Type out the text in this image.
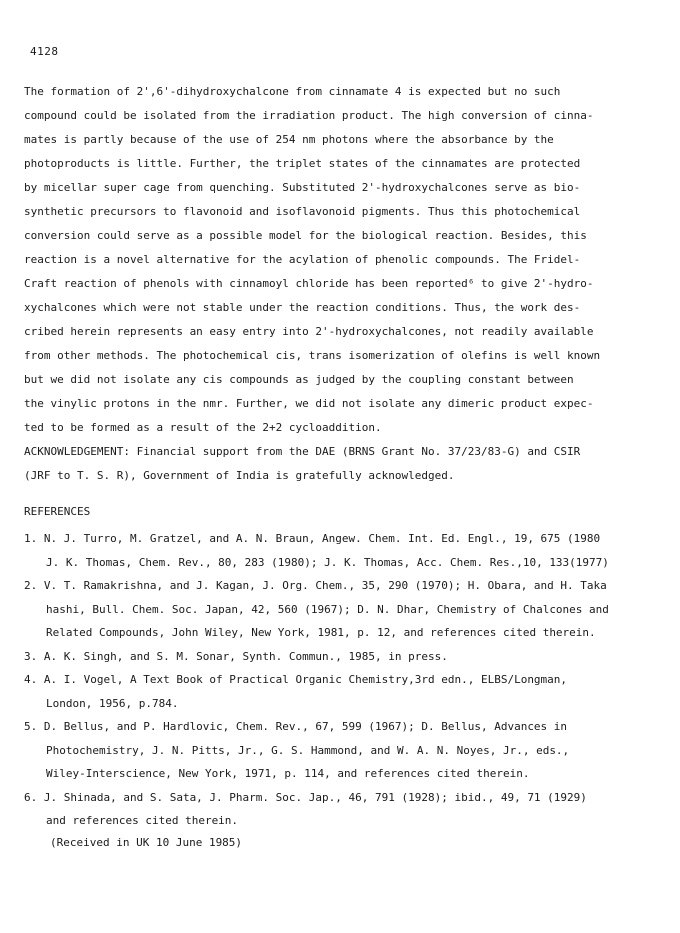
4128
The formation of 2',6'-dihydroxychalcone from cinnamate 4 is expected but no such
compound could be isolated from the irradiation product. The high conversion of cinna-
mates is partly because of the use of 254 nm photons where the absorbance by the
photoproducts is little. Further, the triplet states of the cinnamates are protected
by micellar super cage from quenching. Substituted 2'-hydroxychalcones serve as bio-
synthetic precursors to flavonoid and isoflavonoid pigments. Thus this photochemical
conversion could serve as a possible model for the biological reaction. Besides, this
reaction is a novel alternative for the acylation of phenolic compounds. The Fridel-
Craft reaction of phenols with cinnamoyl chloride has been reported⁶ to give 2'-hydro-
xychalcones which were not stable under the reaction conditions. Thus, the work des-
cribed herein represents an easy entry into 2'-hydroxychalcones, not readily available
from other methods. The photochemical cis, trans isomerization of olefins is well known
but we did not isolate any cis compounds as judged by the coupling constant between
the vinylic protons in the nmr. Further, we did not isolate any dimeric product expec-
ted to be formed as a result of the 2+2 cycloaddition.
ACKNOWLEDGEMENT: Financial support from the DAE (BRNS Grant No. 37/23/83-G) and CSIR
(JRF to T. S. R), Government of India is gratefully acknowledged.
REFERENCES
1. N. J. Turro, M. Gratzel, and A. N. Braun, Angew. Chem. Int. Ed. Engl., 19, 675 (1980
J. K. Thomas, Chem. Rev., 80, 283 (1980); J. K. Thomas, Acc. Chem. Res.,10, 133(1977)
2. V. T. Ramakrishna, and J. Kagan, J. Org. Chem., 35, 290 (1970); H. Obara, and H. Taka
hashi, Bull. Chem. Soc. Japan, 42, 560 (1967); D. N. Dhar, Chemistry of Chalcones and
Related Compounds, John Wiley, New York, 1981, p. 12, and references cited therein.
3. A. K. Singh, and S. M. Sonar, Synth. Commun., 1985, in press.
4. A. I. Vogel, A Text Book of Practical Organic Chemistry,3rd edn., ELBS/Longman,
London, 1956, p.784.
5. D. Bellus, and P. Hardlovic, Chem. Rev., 67, 599 (1967); D. Bellus, Advances in
Photochemistry, J. N. Pitts, Jr., G. S. Hammond, and W. A. N. Noyes, Jr., eds.,
Wiley-Interscience, New York, 1971, p. 114, and references cited therein.
6. J. Shinada, and S. Sata, J. Pharm. Soc. Jap., 46, 791 (1928); ibid., 49, 71 (1929)
and references cited therein.
(Received in UK 10 June 1985)
